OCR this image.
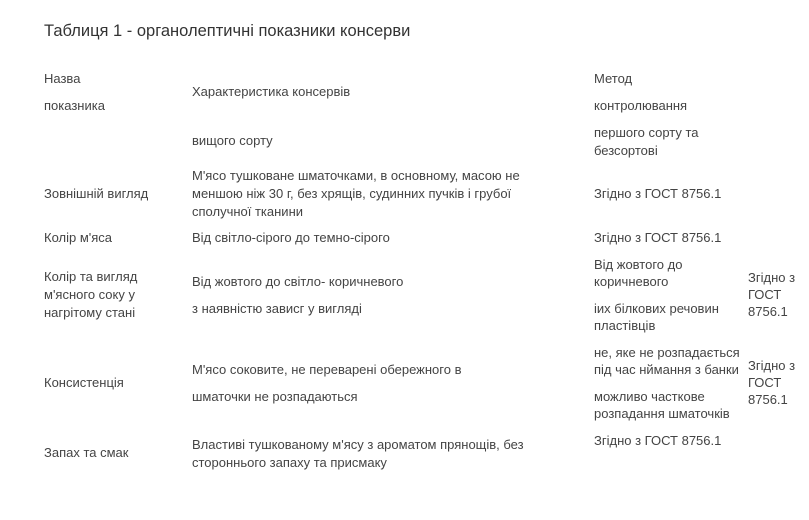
Таблиця 1 - органолептичні показники консерви
Назва
показника
Характеристика консервів
Метод
контролювання
вищого сорту
першого сорту та
безсортові
Зовнішній вигляд
М'ясо тушковане шматочками, в основному, масою не
меншою ніж 30 г, без хрящів, судинних пучків і грубої
сполучної тканини
Згідно з ГОСТ 8756.1
Колір м'яса	Від світло-сірого до темно-сірого	Згідно з ГОСТ 8756.1
Колір та вигляд
м'ясного соку у
нагрітому стані
Від жовтого до світло- коричневого
з наявністю зависг у вигляді
Від жовтого до
коричневого
іих білкових речовин
пластівців
Згідно з
ГОСТ
8756.1
Консистенція
М'ясо соковите, не переварені обережного в
шматочки не розпадаються
не, яке не розпадається
під час нймання з банки
можливо часткове
розпадання шматочків
Згідно з
ГОСТ
8756.1
Запах та смак
Властиві тушкованому м'ясу з ароматом прянощів, без
стороннього запаху та присмаку
Згідно з ГОСТ 8756.1
